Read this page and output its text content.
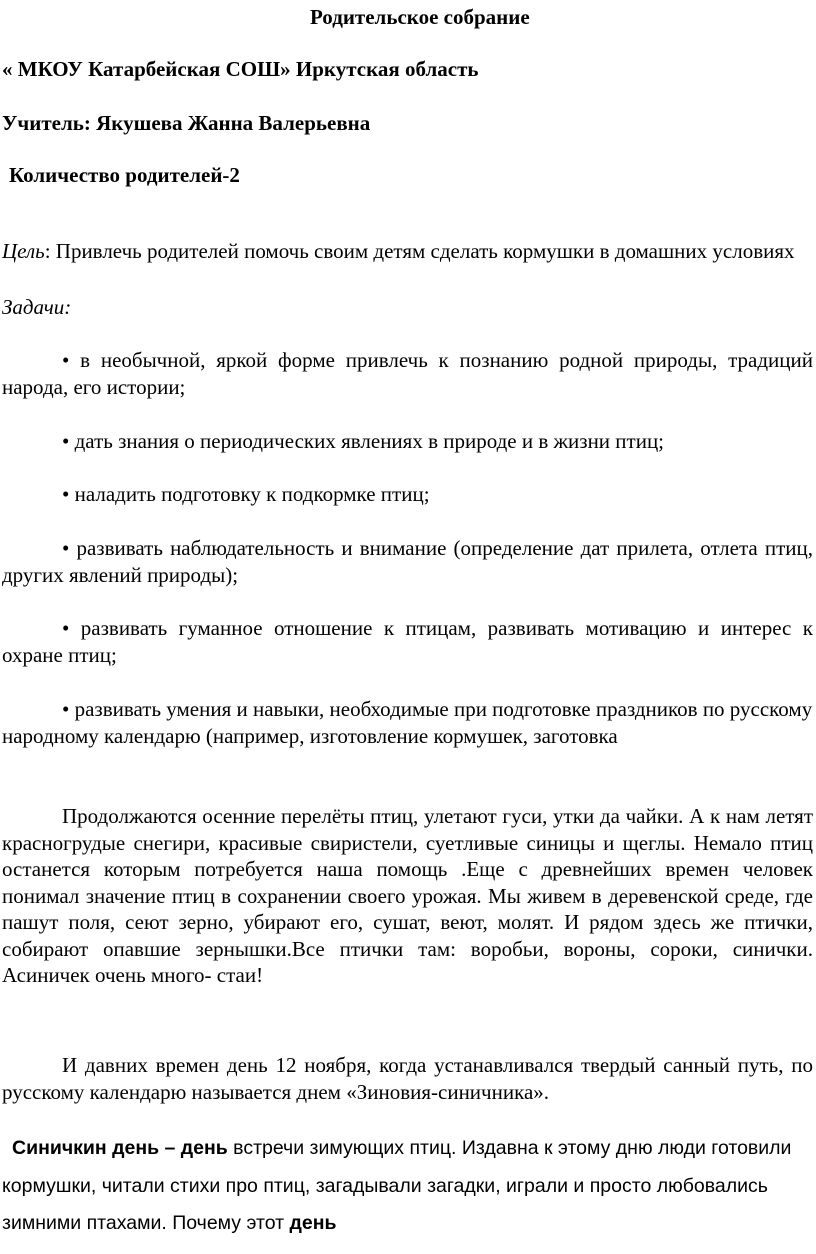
Родительское собрание
« МКОУ Катарбейская СОШ» Иркутская область
Учитель: Якушева Жанна Валерьевна
Количество родителей-2

Цель: Привлечь родителей помочь своим детям сделать кормушки в домашних условиях

Задачи:

• в необычной, яркой форме привлечь к познанию родной природы, традиций народа, его истории;

• дать знания о периодических явлениях в природе и в жизни птиц;

• наладить подготовку к подкормке птиц;

• развивать наблюдательность и внимание (определение дат прилета, отлета птиц, других явлений природы);

• развивать гуманное отношение к птицам, развивать мотивацию и интерес к охране птиц;

• развивать умения и навыки, необходимые при подготовке праздников по русскому народному календарю (например, изготовление кормушек, заготовка

Продолжаются осенние перелёты птиц, улетают гуси, утки да чайки. А к нам летят красногрудые снегири, красивые свиристели, суетливые синицы и щеглы. Немало птиц останется которым потребуется наша помощь .Еще с древнейших времен человек понимал значение птиц в сохранении своего урожая. Мы живем в деревенской среде, где пашут поля, сеют зерно, убирают его, сушат, веют, молят. И рядом здесь же птички, собирают опавшие зернышки.Все птички там: воробьи, вороны, сороки, синички. Асиничек очень много- стаи!

И давних времен день 12 ноября, когда устанавливался твердый санный путь, по русскому календарю называется днем «Зиновия-синичника».

Синичкин день – день встречи зимующих птиц. Издавна к этому дню люди готовили кормушки, читали стихи про птиц, загадывали загадки, играли и просто любовались зимними птахами. Почему этот день
